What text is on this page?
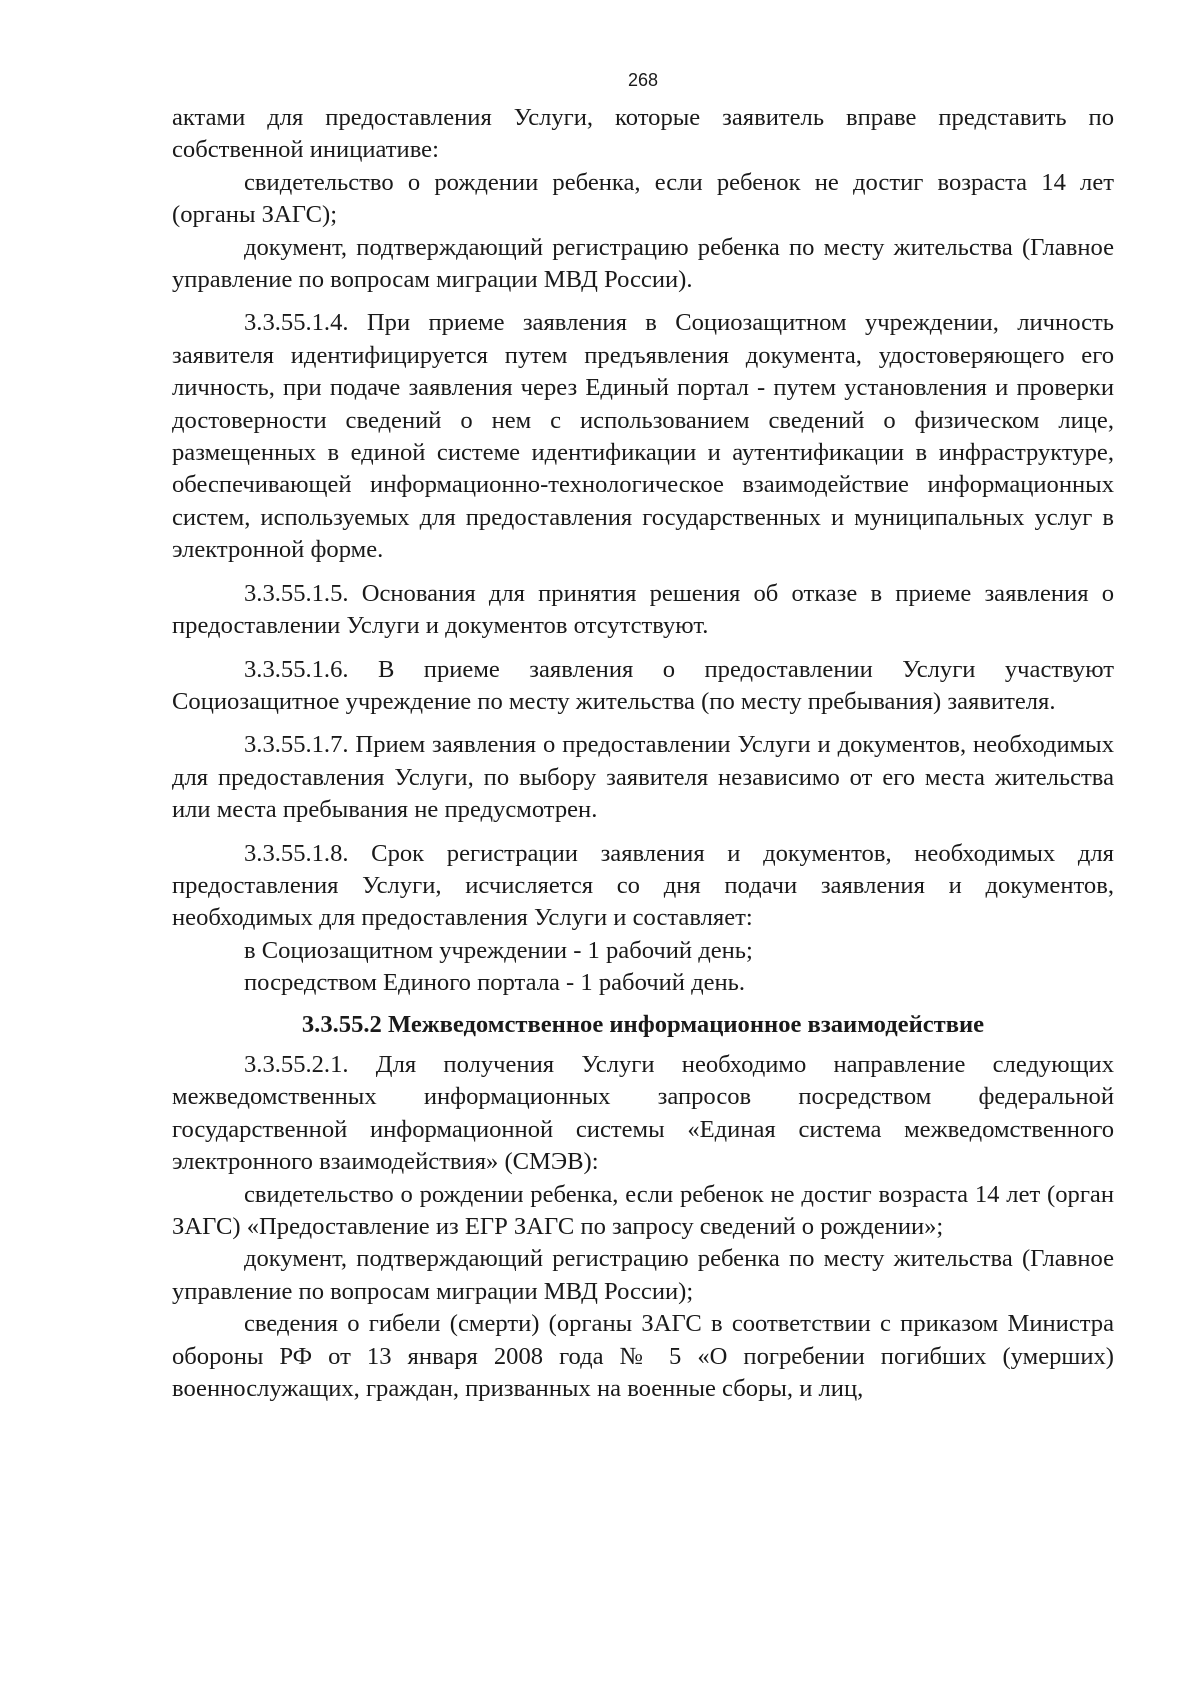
268

актами для предоставления Услуги, которые заявитель вправе представить по собственной инициативе:

свидетельство о рождении ребенка, если ребенок не достиг возраста 14 лет (органы ЗАГС);

документ, подтверждающий регистрацию ребенка по месту жительства (Главное управление по вопросам миграции МВД России).

3.3.55.1.4. При приеме заявления в Социозащитном учреждении, личность заявителя идентифицируется путем предъявления документа, удостоверяющего его личность, при подаче заявления через Единый портал - путем установления и проверки достоверности сведений о нем с использованием сведений о физическом лице, размещенных в единой системе идентификации и аутентификации в инфраструктуре, обеспечивающей информационно-технологическое взаимодействие информационных систем, используемых для предоставления государственных и муниципальных услуг в электронной форме.

3.3.55.1.5. Основания для принятия решения об отказе в приеме заявления о предоставлении Услуги и документов отсутствуют.

3.3.55.1.6. В приеме заявления о предоставлении Услуги участвуют Социозащитное учреждение по месту жительства (по месту пребывания) заявителя.

3.3.55.1.7. Прием заявления о предоставлении Услуги и документов, необходимых для предоставления Услуги, по выбору заявителя независимо от его места жительства или места пребывания не предусмотрен.

3.3.55.1.8. Срок регистрации заявления и документов, необходимых для предоставления Услуги, исчисляется со дня подачи заявления и документов, необходимых для предоставления Услуги и составляет:

в Социозащитном учреждении - 1 рабочий день;

посредством Единого портала - 1 рабочий день.

3.3.55.2 Межведомственное информационное взаимодействие

3.3.55.2.1. Для получения Услуги необходимо направление следующих межведомственных информационных запросов посредством федеральной государственной информационной системы «Единая система межведомственного электронного взаимодействия» (СМЭВ):

свидетельство о рождении ребенка, если ребенок не достиг возраста 14 лет (орган ЗАГС) «Предоставление из ЕГР ЗАГС по запросу сведений о рождении»;

документ, подтверждающий регистрацию ребенка по месту жительства (Главное управление по вопросам миграции МВД России);

сведения о гибели (смерти) (органы ЗАГС в соответствии с приказом Министра обороны РФ от 13 января 2008 года № 5 «О погребении погибших (умерших) военнослужащих, граждан, призванных на военные сборы, и лиц,
